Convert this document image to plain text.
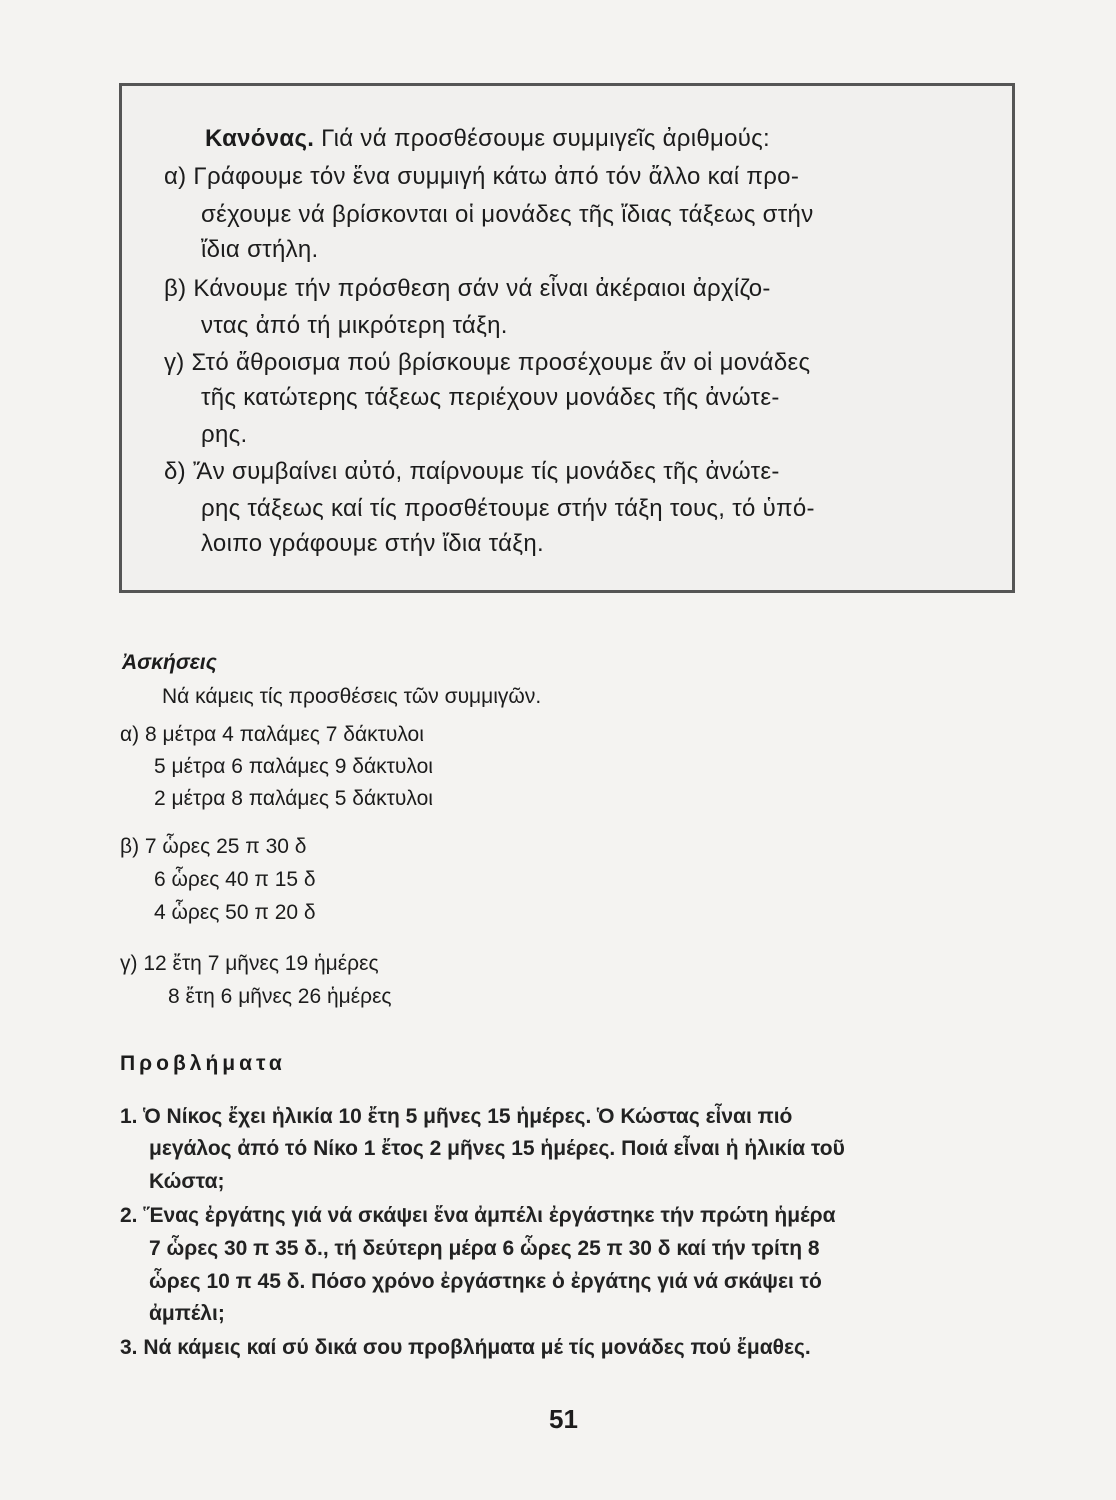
Κανόνας. Γιά νά προσθέσουμε συμμιγεῖς ἀριθμούς:
α) Γράφουμε τόν ἕνα συμμιγή κάτω ἀπό τόν ἄλλο καί προ-
σέχουμε νά βρίσκονται οἱ μονάδες τῆς ἴδιας τάξεως στήν
ἴδια στήλη.
β) Κάνουμε τήν πρόσθεση σάν νά εἶναι ἀκέραιοι ἀρχίζο-
ντας ἀπό τή μικρότερη τάξη.
γ) Στό ἄθροισμα πού βρίσκουμε προσέχουμε ἄν οἱ μονάδες
τῆς κατώτερης τάξεως περιέχουν μονάδες τῆς ἀνώτε-
ρης.
δ) Ἄν συμβαίνει αὐτό, παίρνουμε τίς μονάδες τῆς ἀνώτε-
ρης τάξεως καί τίς προσθέτουμε στήν τάξη τους, τό ὑπό-
λοιπο γράφουμε στήν ἴδια τάξη.
Ἀσκήσεις
Νά κάμεις τίς προσθέσεις τῶν συμμιγῶν.
α) 8 μέτρα 4 παλάμες 7 δάκτυλοι
5 μέτρα 6 παλάμες 9 δάκτυλοι
2 μέτρα 8 παλάμες 5 δάκτυλοι
β) 7 ὧρες 25 π 30 δ
6 ὧρες 40 π 15 δ
4 ὧρες 50 π 20 δ
γ) 12 ἔτη 7 μῆνες 19 ἡμέρες
8 ἔτη 6 μῆνες 26 ἡμέρες
Προβλήματα
1. Ὁ Νίκος ἔχει ἡλικία 10 ἔτη 5 μῆνες 15 ἡμέρες. Ὁ Κώστας εἶναι πιό
μεγάλος ἀπό τό Νίκο 1 ἔτος 2 μῆνες 15 ἡμέρες. Ποιά εἶναι ἡ ἡλικία τοῦ
Κώστα;
2. Ἕνας ἐργάτης γιά νά σκάψει ἕνα ἀμπέλι ἐργάστηκε τήν πρώτη ἡμέρα
7 ὧρες 30 π 35 δ., τή δεύτερη μέρα 6 ὧρες 25 π 30 δ καί τήν τρίτη 8
ὧρες 10 π 45 δ. Πόσο χρόνο ἐργάστηκε ὁ ἐργάτης γιά νά σκάψει τό
ἀμπέλι;
3. Νά κάμεις καί σύ δικά σου προβλήματα μέ τίς μονάδες πού ἔμαθες.
51
